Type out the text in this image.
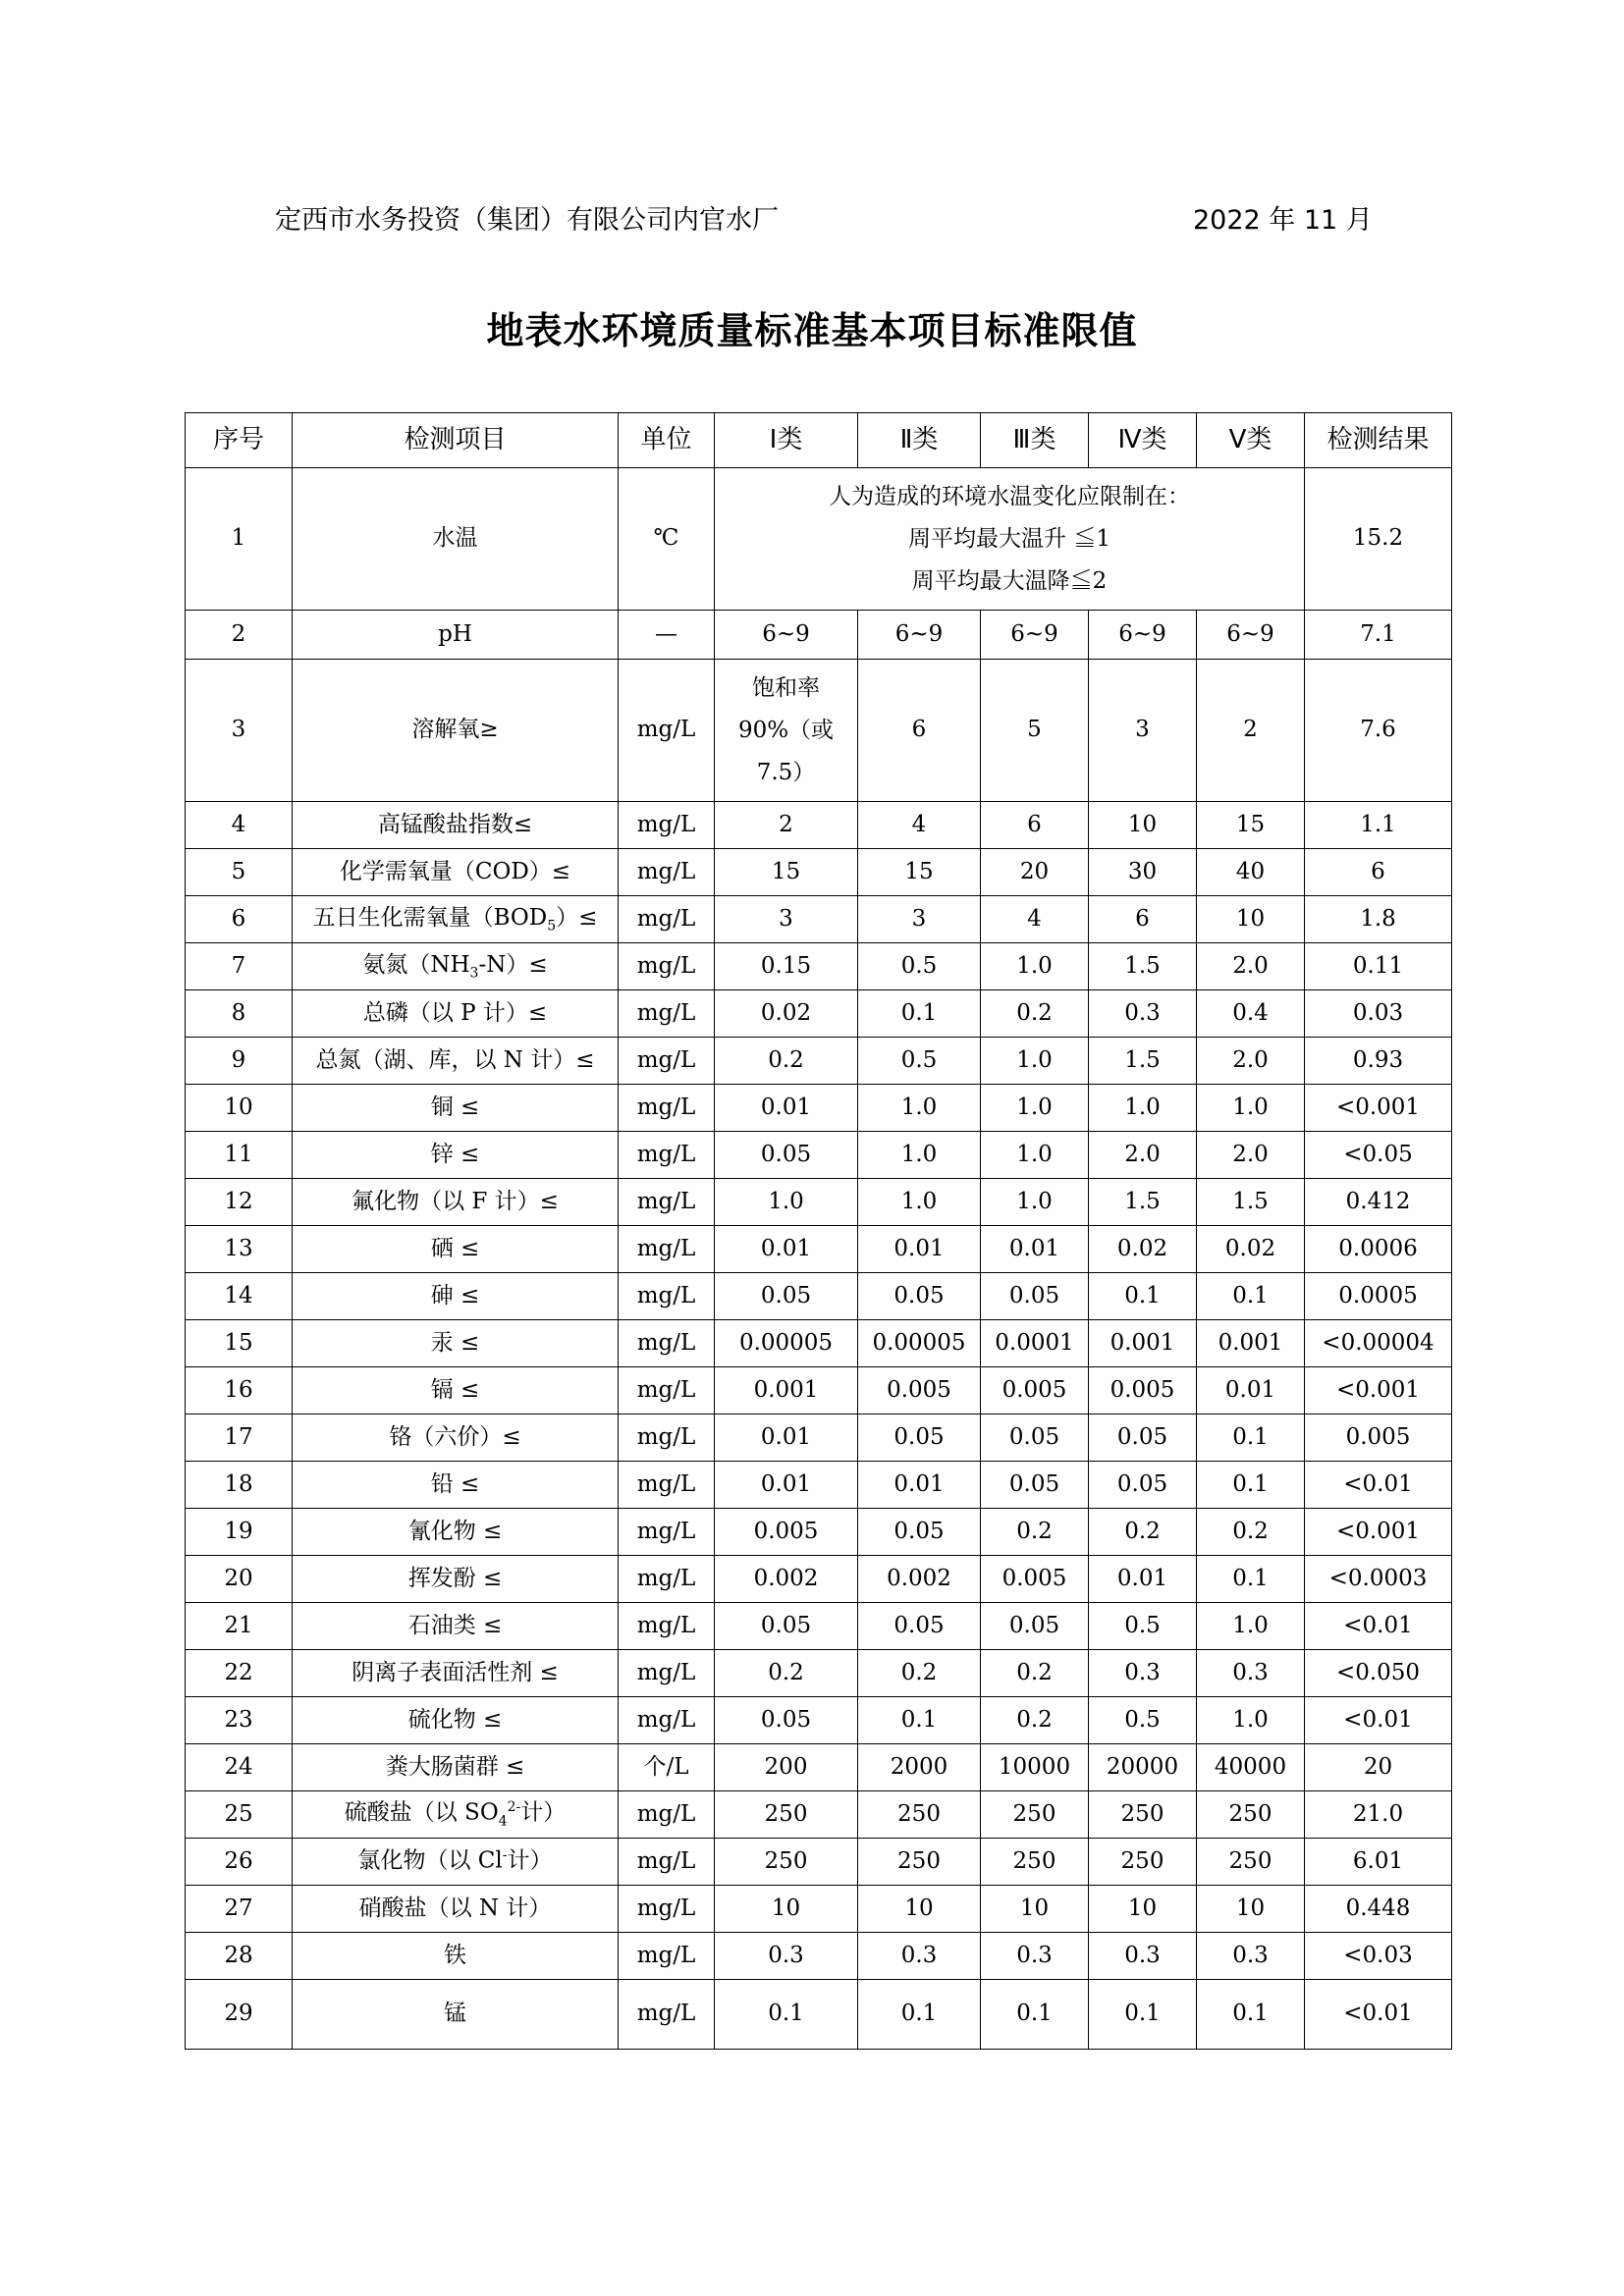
定西市水务投资（集团）有限公司内官水厂	2022 年 11 月
地表水环境质量标准基本项目标准限值
序号	检测项目	单位	Ⅰ类	Ⅱ类	Ⅲ类	Ⅳ类	Ⅴ类	检测结果
1	水温	℃	人为造成的环境水温变化应限制在：
周平均最大温升 ≦1
周平均最大温降≦2					15.2
2	pH	—	6~9	6~9	6~9	6~9	6~9	7.1
3	溶解氧≥	mg/L	饱和率
90%（或
7.5）	6	5	3	2	7.6
4	高锰酸盐指数≤	mg/L	2	4	6	10	15	1.1
5	化学需氧量（COD）≤	mg/L	15	15	20	30	40	6
6	五日生化需氧量$(BOD_5)\le$	mg/L	3	3	4	6	10	1.8
7	氨氮$(NH_3-N)\le$	mg/L	0.15	0.5	1.0	1.5	2.0	0.11
8	总磷（以 P 计）≤	mg/L	0.02	0.1	0.2	0.3	0.4	0.03
9	总氮（湖、库，以 N 计）≤	mg/L	0.2	0.5	1.0	1.5	2.0	0.93
10	铜 ≤	mg/L	0.01	1.0	1.0	1.0	1.0	<0.001
11	锌 ≤	mg/L	0.05	1.0	1.0	2.0	2.0	<0.05
12	氟化物（以 F 计）≤	mg/L	1.0	1.0	1.0	1.5	1.5	0.412
13	硒 ≤	mg/L	0.01	0.01	0.01	0.02	0.02	0.0006
14	砷 ≤	mg/L	0.05	0.05	0.05	0.1	0.1	0.0005
15	汞 ≤	mg/L	0.00005	0.00005	0.0001	0.001	0.001	<0.00004
16	镉 ≤	mg/L	0.001	0.005	0.005	0.005	0.01	<0.001
17	铬（六价）≤	mg/L	0.01	0.05	0.05	0.05	0.1	0.005
18	铅 ≤	mg/L	0.01	0.01	0.05	0.05	0.1	<0.01
19	氰化物 ≤	mg/L	0.005	0.05	0.2	0.2	0.2	<0.001
20	挥发酚 ≤	mg/L	0.002	0.002	0.005	0.01	0.1	<0.0003
21	石油类 ≤	mg/L	0.05	0.05	0.05	0.5	1.0	<0.01
22	阴离子表面活性剂 ≤	mg/L	0.2	0.2	0.2	0.3	0.3	<0.050
23	硫化物 ≤	mg/L	0.05	0.1	0.2	0.5	1.0	<0.01
24	粪大肠菌群 ≤	个/L	200	2000	10000	20000	40000	20
25	硫酸盐（以 $SO_4^{2-}$计）	mg/L	250	250	250	250	250	21.0
26	氯化物（以 Cl-计）	mg/L	250	250	250	250	250	6.01
27	硝酸盐（以 N 计）	mg/L	10	10	10	10	10	0.448
28	铁	mg/L	0.3	0.3	0.3	0.3	0.3	<0.03
29	锰	mg/L	0.1	0.1	0.1	0.1	0.1	<0.01
